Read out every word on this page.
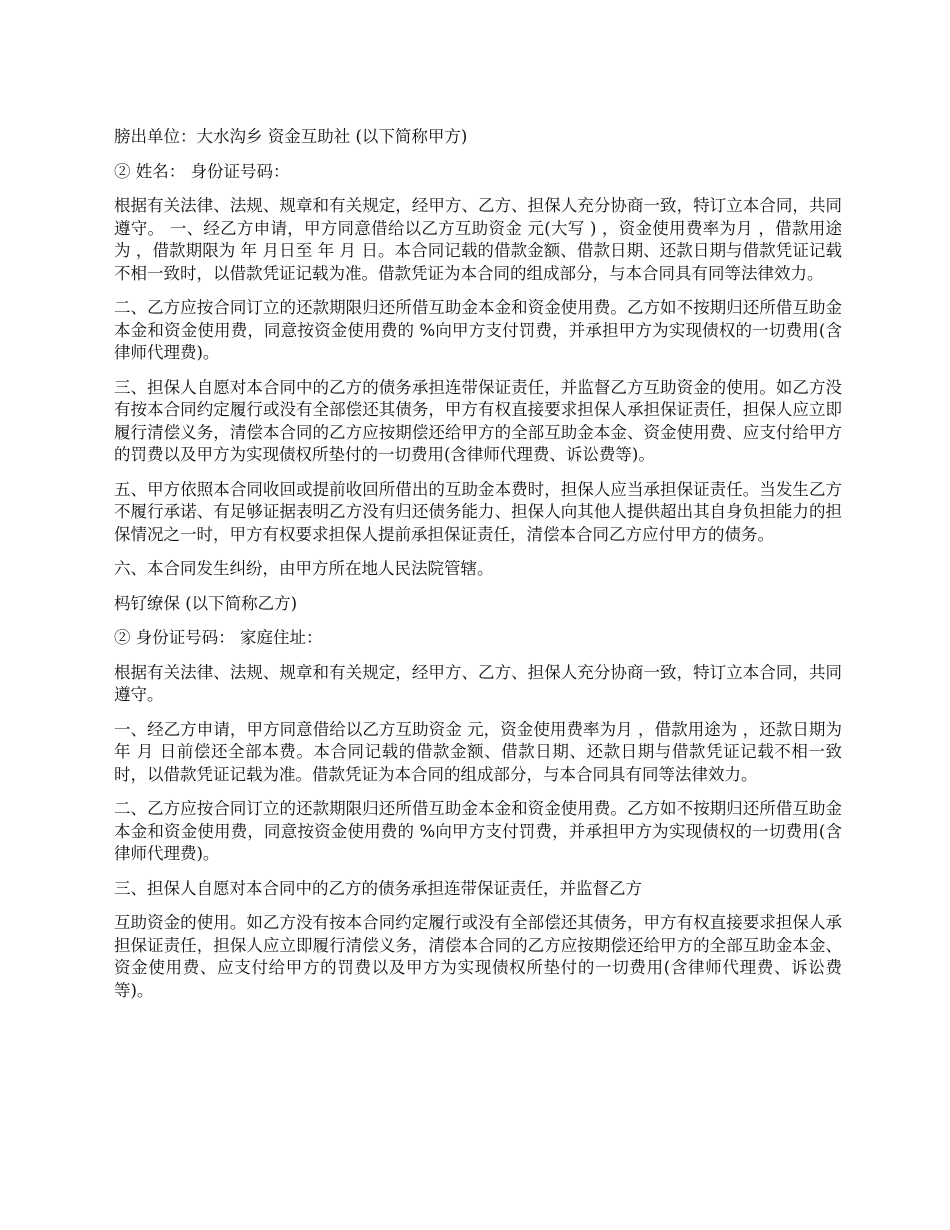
膀出单位：大水沟乡 资金互助社 (以下简称甲方)

② 姓名： 身份证号码：

根据有关法律、法规、规章和有关规定，经甲方、乙方、担保人充分协商一致，特订立本合同，共同遵守。 一、经乙方申请，甲方同意借给以乙方互助资金 元(大写 ) ，资金使用费率为月 ，借款用途为 ，借款期限为 年 月日至 年 月 日。本合同记载的借款金额、借款日期、还款日期与借款凭证记载不相一致时，以借款凭证记载为准。借款凭证为本合同的组成部分，与本合同具有同等法律效力。

二、乙方应按合同订立的还款期限归还所借互助金本金和资金使用费。乙方如不按期归还所借互助金本金和资金使用费，同意按资金使用费的 %向甲方支付罚费，并承担甲方为实现债权的一切费用(含律师代理费)。

三、担保人自愿对本合同中的乙方的债务承担连带保证责任，并监督乙方互助资金的使用。如乙方没有按本合同约定履行或没有全部偿还其债务，甲方有权直接要求担保人承担保证责任，担保人应立即履行清偿义务，清偿本合同的乙方应按期偿还给甲方的全部互助金本金、资金使用费、应支付给甲方的罚费以及甲方为实现债权所垫付的一切费用(含律师代理费、诉讼费等)。

五、甲方依照本合同收回或提前收回所借出的互助金本费时，担保人应当承担保证责任。当发生乙方不履行承诺、有足够证据表明乙方没有归还债务能力、担保人向其他人提供超出其自身负担能力的担保情况之一时，甲方有权要求担保人提前承担保证责任，清偿本合同乙方应付甲方的债务。

六、本合同发生纠纷，由甲方所在地人民法院管辖。

杩钌缭保 (以下简称乙方)

② 身份证号码： 家庭住址：

根据有关法律、法规、规章和有关规定，经甲方、乙方、担保人充分协商一致，特订立本合同，共同遵守。

一、经乙方申请，甲方同意借给以乙方互助资金 元，资金使用费率为月 ，借款用途为 ，还款日期为 年 月 日前偿还全部本费。本合同记载的借款金额、借款日期、还款日期与借款凭证记载不相一致时，以借款凭证记载为准。借款凭证为本合同的组成部分，与本合同具有同等法律效力。

二、乙方应按合同订立的还款期限归还所借互助金本金和资金使用费。乙方如不按期归还所借互助金本金和资金使用费，同意按资金使用费的 %向甲方支付罚费，并承担甲方为实现债权的一切费用(含律师代理费)。

三、担保人自愿对本合同中的乙方的债务承担连带保证责任，并监督乙方

互助资金的使用。如乙方没有按本合同约定履行或没有全部偿还其债务，甲方有权直接要求担保人承担保证责任，担保人应立即履行清偿义务，清偿本合同的乙方应按期偿还给甲方的全部互助金本金、资金使用费、应支付给甲方的罚费以及甲方为实现债权所垫付的一切费用(含律师代理费、诉讼费等)。
